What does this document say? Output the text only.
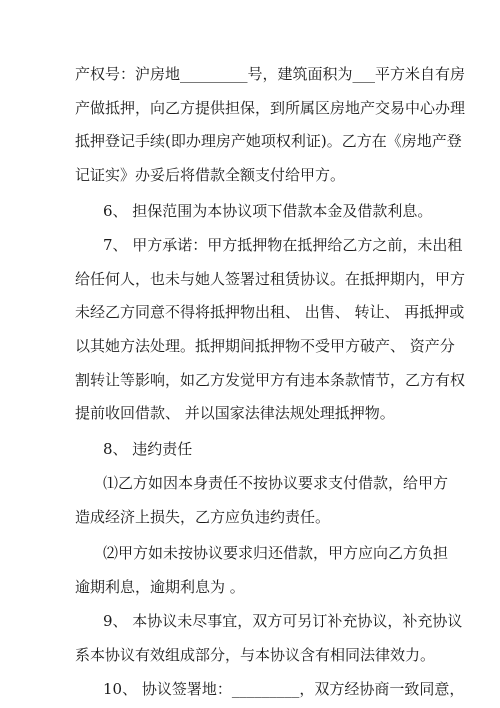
产权号：沪房地_________号，建筑面积为___平方米自有房
产做抵押，向乙方提供担保，到所属区房地产交易中心办理
抵押登记手续(即办理房产她项权利证)。乙方在《房地产登
记证实》办妥后将借款全额支付给甲方。
6、 担保范围为本协议项下借款本金及借款利息。
7、 甲方承诺：甲方抵押物在抵押给乙方之前，未出租
给任何人，也未与她人签署过租赁协议。在抵押期内，甲方
未经乙方同意不得将抵押物出租、 出售、 转让、 再抵押或
以其她方法处理。抵押期间抵押物不受甲方破产、 资产分
割转让等影响，如乙方发觉甲方有违本条款情节，乙方有权
提前收回借款、 并以国家法律法规处理抵押物。
8、 违约责任
⑴乙方如因本身责任不按协议要求支付借款，给甲方
造成经济上损失，乙方应负违约责任。
⑵甲方如未按协议要求归还借款，甲方应向乙方负担
逾期利息，逾期利息为 。
9、 本协议未尽事宜，双方可另订补充协议，补充协议
系本协议有效组成部分，与本协议含有相同法律效力。
10、 协议签署地：_________，双方经协商一致同意，
